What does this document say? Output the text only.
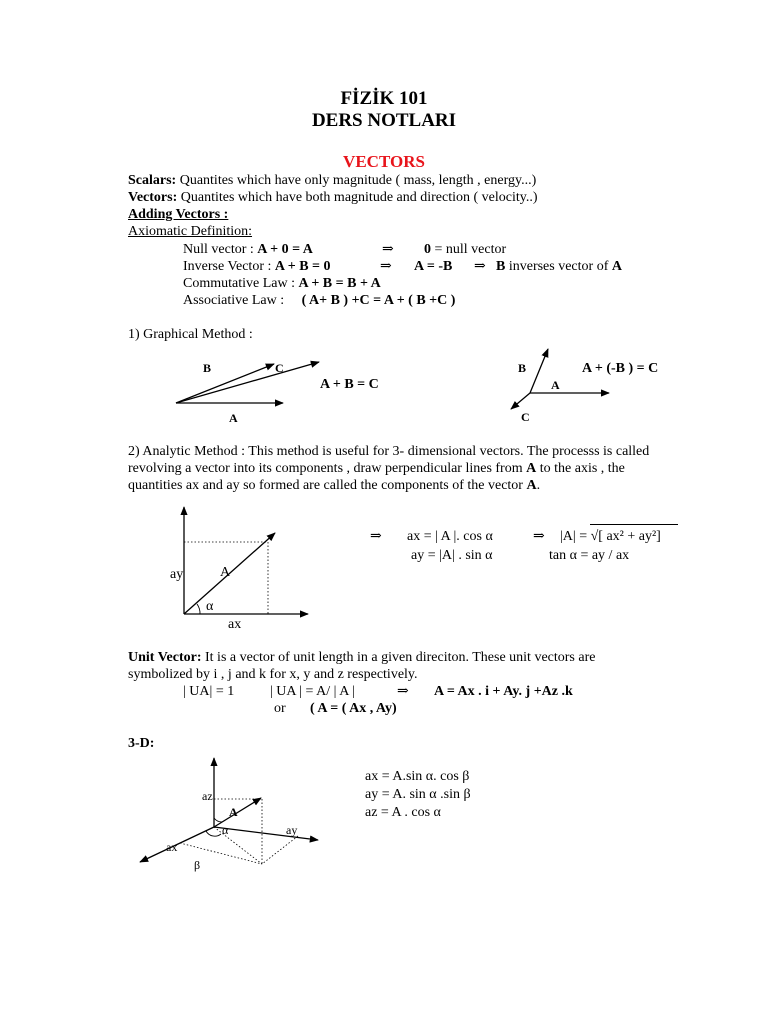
FİZİK 101
DERS NOTLARI
VECTORS
Scalars: Quantites which have only magnitude ( mass, length , energy...)
Vectors: Quantites which have both magnitude and direction ( velocity..)
Adding Vectors :
Axiomatic Definition:
Null vector : A + 0 = A	⇒ 0 = null vector
Inverse Vector : A + B = 0	⇒ A = -B ⇒ B inverses vector of A
Commutative Law : A + B = B + A
Associative Law : ( A+ B ) +C = A + ( B +C )
1) Graphical Method :
B	C
A + B = C
A
B	A + (-B ) = C
A
C
2) Analytic Method : This method is useful for 3- dimensional vectors. The processs is called revolving a vector into its components , draw perpendicular lines from A to the axis , the quantities ax and ay so formed are called the components of the vector A.
ay	A
α
ax
⇒ ax = | A |. cos α	⇒ |A| = √[ ax² + ay²]
ay = |A| . sin α	tan α = ay / ax
Unit Vector: It is a vector of unit length in a given direciton. These unit vectors are symbolized by i , j and k for x, y and z respectively.
| UA| = 1	| UA | = A/ | A |	⇒ A = Ax . i + Ay. j +Az .k
or ( A = ( Ax , Ay)
3-D:
az
A
α	ay
ax
β
ax = A.sin α. cos β
ay = A. sin α .sin β
az = A . cos α
